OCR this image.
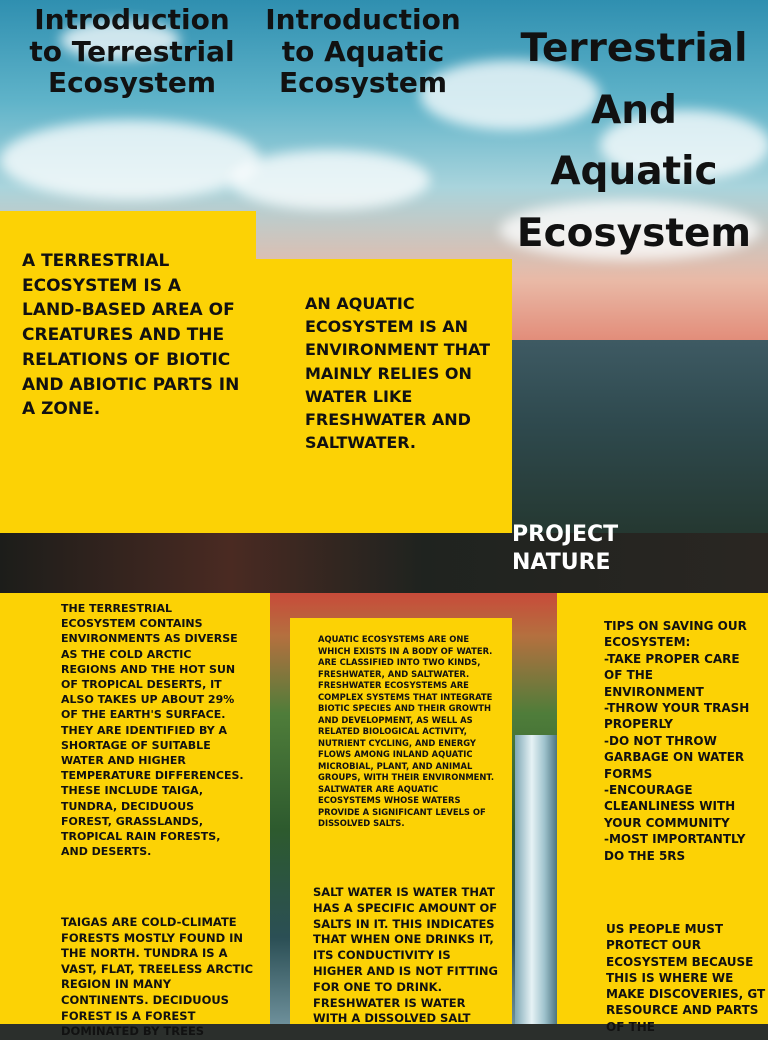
Introduction to Terrestrial Ecosystem
Introduction to Aquatic Ecosystem
Terrestrial And Aquatic Ecosystem
A TERRESTRIAL ECOSYSTEM IS A LAND-BASED AREA OF CREATURES AND THE RELATIONS OF BIOTIC AND ABIOTIC PARTS IN A ZONE.
AN AQUATIC ECOSYSTEM IS AN ENVIRONMENT THAT MAINLY RELIES ON WATER LIKE FRESHWATER AND SALTWATER.
PROJECT NATURE
THE TERRESTRIAL ECOSYSTEM CONTAINS ENVIRONMENTS AS DIVERSE AS THE COLD ARCTIC REGIONS AND THE HOT SUN OF TROPICAL DESERTS, IT ALSO TAKES UP ABOUT 29% OF THE EARTH'S SURFACE. THEY ARE IDENTIFIED BY A SHORTAGE OF SUITABLE WATER AND HIGHER TEMPERATURE DIFFERENCES. THESE INCLUDE TAIGA, TUNDRA, DECIDUOUS FOREST, GRASSLANDS, TROPICAL RAIN FORESTS, AND DESERTS.
TAIGAS ARE COLD-CLIMATE FORESTS MOSTLY FOUND IN THE NORTH. TUNDRA IS A VAST, FLAT, TREELESS ARCTIC REGION IN MANY CONTINENTS. DECIDUOUS FOREST IS A FOREST DOMINATED BY TREES
AQUATIC ECOSYSTEMS ARE ONE WHICH EXISTS IN A BODY OF WATER. ARE CLASSIFIED INTO TWO KINDS, FRESHWATER, AND SALTWATER. FRESHWATER ECOSYSTEMS ARE COMPLEX SYSTEMS THAT INTEGRATE BIOTIC SPECIES AND THEIR GROWTH AND DEVELOPMENT, AS WELL AS RELATED BIOLOGICAL ACTIVITY, NUTRIENT CYCLING, AND ENERGY FLOWS AMONG INLAND AQUATIC MICROBIAL, PLANT, AND ANIMAL GROUPS, WITH THEIR ENVIRONMENT. SALTWATER ARE AQUATIC ECOSYSTEMS WHOSE WATERS PROVIDE A SIGNIFICANT LEVELS OF DISSOLVED SALTS.
SALT WATER IS WATER THAT HAS A SPECIFIC AMOUNT OF SALTS IN IT. THIS INDICATES THAT WHEN ONE DRINKS IT, ITS CONDUCTIVITY IS HIGHER AND IS NOT FITTING FOR ONE TO DRINK. FRESHWATER IS WATER WITH A DISSOLVED SALT
TIPS ON SAVING OUR ECOSYSTEM:
-TAKE PROPER CARE OF THE ENVIRONMENT
-THROW YOUR TRASH PROPERLY
-DO NOT THROW GARBAGE ON WATER FORMS
-ENCOURAGE CLEANLINESS WITH YOUR COMMUNITY
-MOST IMPORTANTLY DO THE 5RS
US PEOPLE MUST PROTECT OUR ECOSYSTEM BECAUSE THIS IS WHERE WE MAKE DISCOVERIES, GT RESOURCE AND PARTS OF THE
